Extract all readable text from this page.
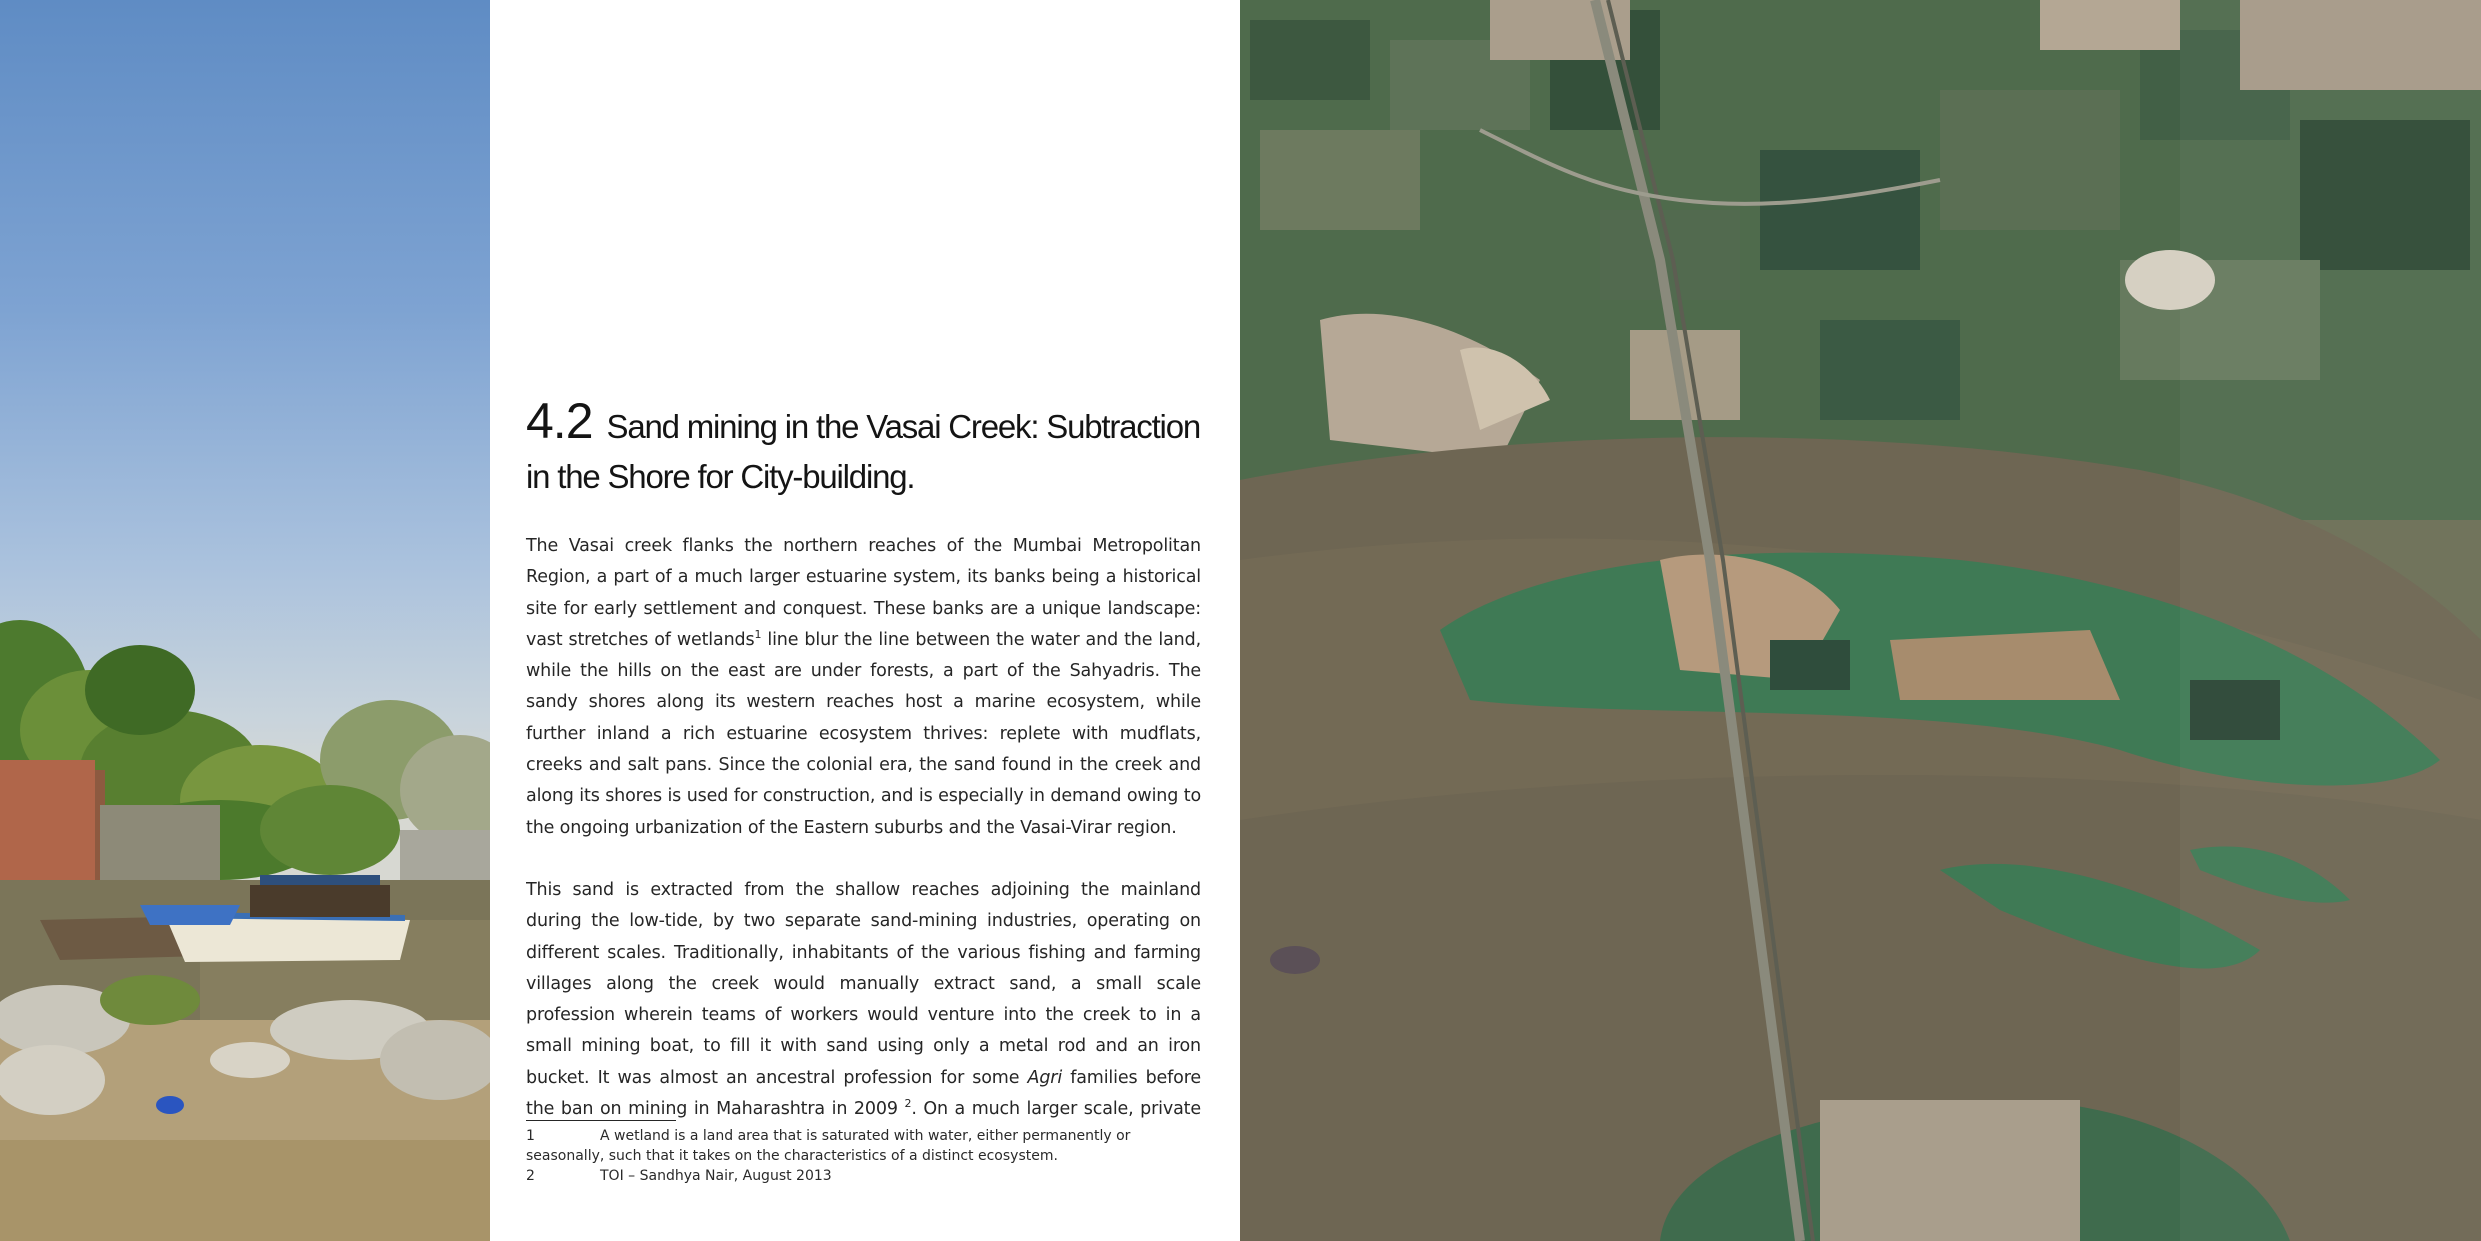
4.2 Sand mining in the Vasai Creek: Subtraction in the Shore for City-building.

The Vasai creek flanks the northern reaches of the Mumbai Metropolitan Region, a part of a much larger estuarine system, its banks being a historical site for early settlement and conquest. These banks are a unique landscape: vast stretches of wetlands$^1$ line blur the line between the water and the land, while the hills on the east are under forests, a part of the Sahyadris. The sandy shores along its western reaches host a marine ecosystem, while further inland a rich estuarine ecosystem thrives: replete with mudflats, creeks and salt pans. Since the colonial era, the sand found in the creek and along its shores is used for construction, and is especially in demand owing to the ongoing urbanization of the Eastern suburbs and the Vasai-Virar region.

This sand is extracted from the shallow reaches adjoining the mainland during the low-tide, by two separate sand-mining industries, operating on different scales. Traditionally, inhabitants of the various fishing and farming villages along the creek would manually extract sand, a small scale profession wherein teams of workers would venture into the creek to in a small mining boat, to fill it with sand using only a metal rod and an iron bucket. It was almost an ancestral profession for some Agri families before the ban on mining in Maharashtra in 2009 $^2$. On a much larger scale, private

1	A wetland is a land area that is saturated with water, either permanently or seasonally, such that it takes on the characteristics of a distinct ecosystem.
2	TOI – Sandhya Nair, August 2013
